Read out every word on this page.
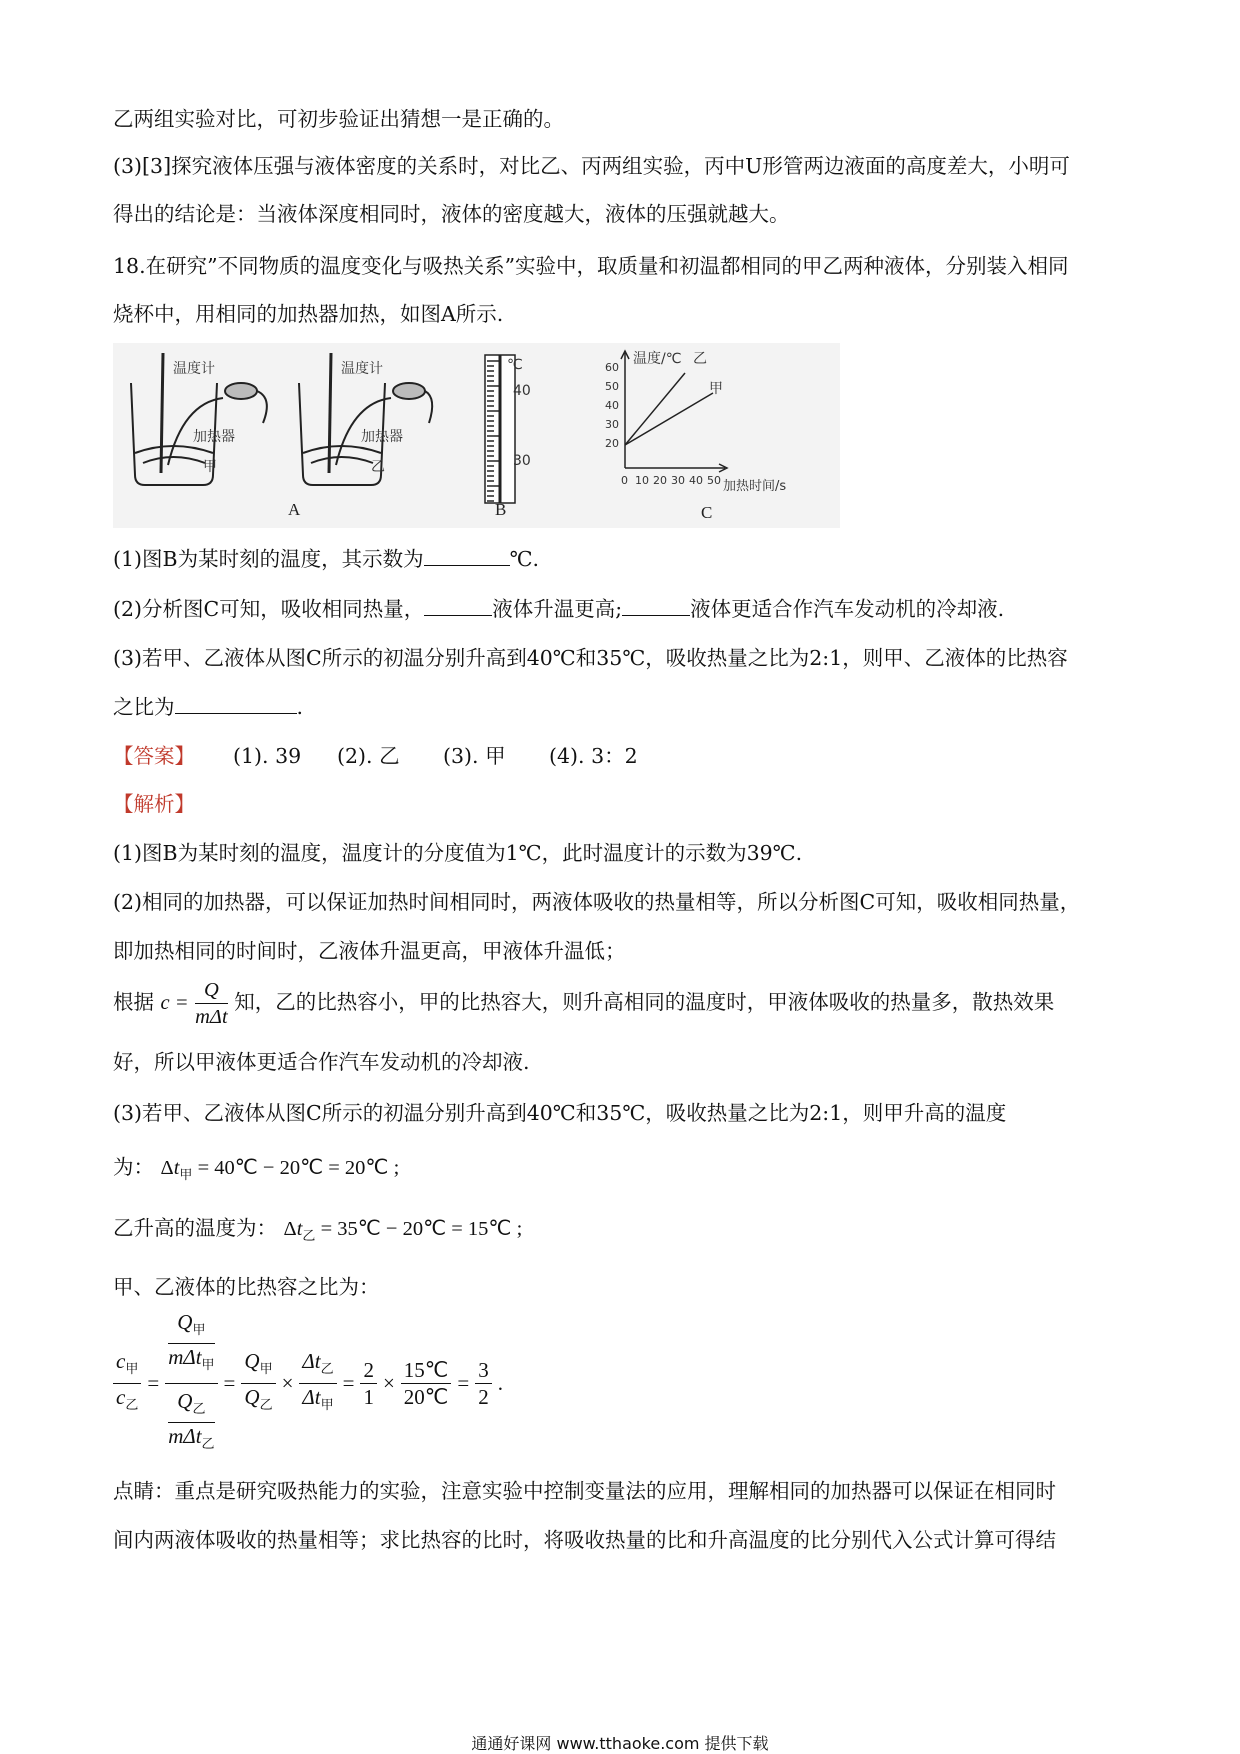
乙两组实验对比，可初步验证出猜想一是正确的。
(3)[3]探究液体压强与液体密度的关系时，对比乙、丙两组实验，丙中U形管两边液面的高度差大，小明可
得出的结论是：当液体深度相同时，液体的密度越大，液体的压强就越大。
18.在研究”不同物质的温度变化与吸热关系”实验中，取质量和初温都相同的甲乙两种液体，分别装入相同
烧杯中，用相同的加热器加热，如图A所示.
温度计
加热器
甲
温度计
加热器
乙
A
℃
40
30
B
温度/℃ 乙
甲
60
50
40
30
20
0 10 20 30 40 50 加热时间/s
C
(1)图B为某时刻的温度，其示数为	℃.
(2)分析图C可知，吸收相同热量，	液体升温更高;	液体更适合作汽车发动机的冷却液.
(3)若甲、乙液体从图C所示的初温分别升高到40℃和35℃，吸收热量之比为2:1，则甲、乙液体的比热容
之比为	.
【答案】 (1). 39 (2). 乙 (3). 甲 (4). 3：2
【解析】
(1)图B为某时刻的温度，温度计的分度值为1℃，此时温度计的示数为39℃.
(2)相同的加热器，可以保证加热时间相同时，两液体吸收的热量相等，所以分析图C可知，吸收相同热量，
即加热相同的时间时，乙液体升温更高，甲液体升温低；
根据 $c = \frac{Q}{\text{mΔt}}$ 知，乙的比热容小，甲的比热容大，则升高相同的温度时，甲液体吸收的热量多，散热效果
好，所以甲液体更适合作汽车发动机的冷却液.
(3)若甲、乙液体从图C所示的初温分别升高到40℃和35℃，吸收热量之比为2:1，则甲升高的温度
为： $\Delta t_甲$ = 40℃ − 20℃ = 20℃ ;
乙升高的温度为： $\Delta t_乙$ = 35℃ − 20℃ = 15℃ ;
甲、乙液体的比热容之比为：
$\frac{c_甲}{c_乙} = \frac{\frac{Q_甲}{m\Delta t_甲}}{\frac{Q_乙}{m\Delta t_乙}} = \frac{Q_甲}{Q_乙} \times \frac{\Delta t_乙}{\Delta t_甲} = \frac{2}{1} \times \frac{15℃}{20℃} = \frac{3}{2}$ .
点睛：重点是研究吸热能力的实验，注意实验中控制变量法的应用，理解相同的加热器可以保证在相同时
间内两液体吸收的热量相等；求比热容的比时，将吸收热量的比和升高温度的比分别代入公式计算可得结
通通好课网 www.tthaoke.com 提供下载
